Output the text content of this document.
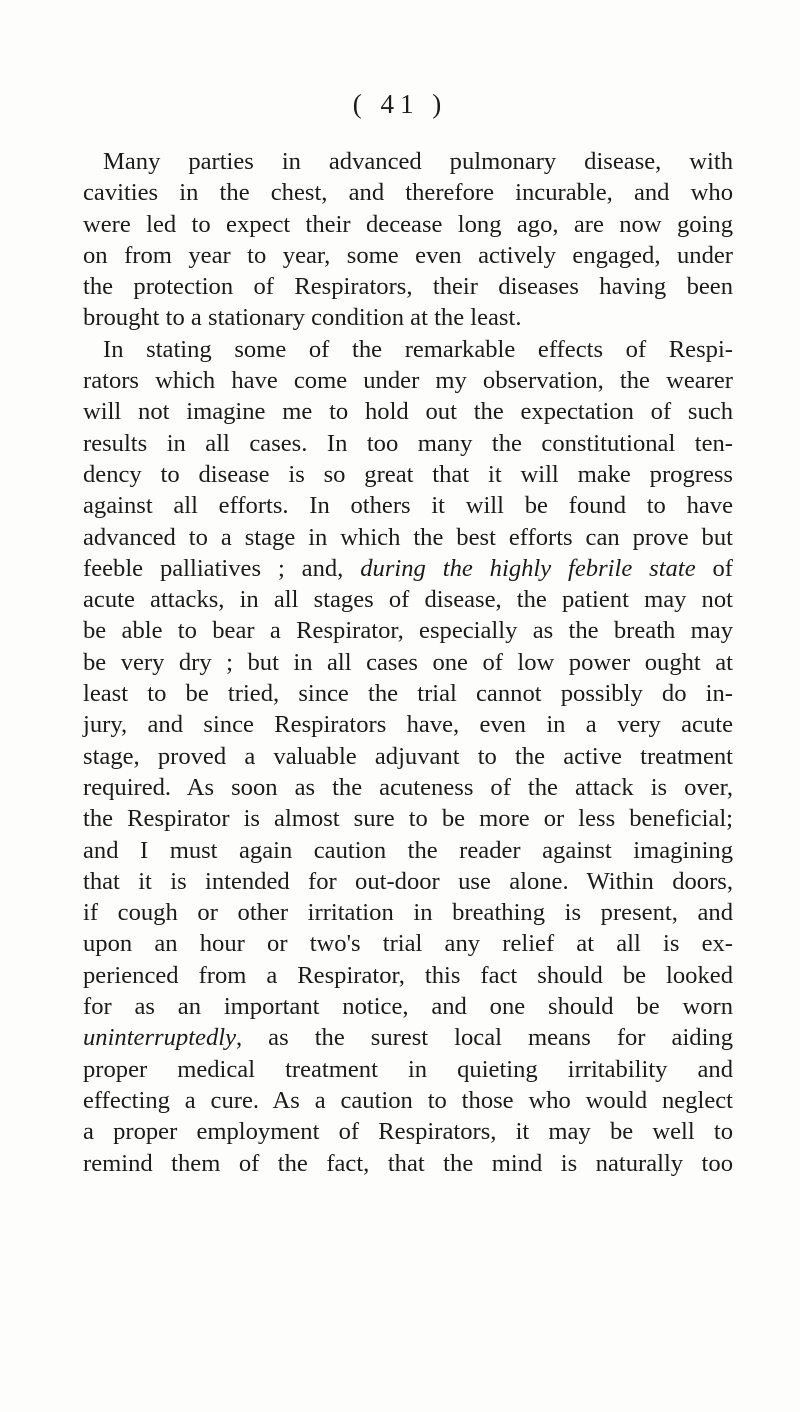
( 41 )

Many parties in advanced pulmonary disease, with
cavities in the chest, and therefore incurable, and who
were led to expect their decease long ago, are now going
on from year to year, some even actively engaged, under
the protection of Respirators, their diseases having been
brought to a stationary condition at the least.

In stating some of the remarkable effects of Respi-
rators which have come under my observation, the wearer
will not imagine me to hold out the expectation of such
results in all cases. In too many the constitutional ten-
dency to disease is so great that it will make progress
against all efforts. In others it will be found to have
advanced to a stage in which the best efforts can prove but
feeble palliatives ; and, during the highly febrile state of
acute attacks, in all stages of disease, the patient may not
be able to bear a Respirator, especially as the breath may
be very dry ; but in all cases one of low power ought at
least to be tried, since the trial cannot possibly do in-
jury, and since Respirators have, even in a very acute
stage, proved a valuable adjuvant to the active treatment
required. As soon as the acuteness of the attack is over,
the Respirator is almost sure to be more or less beneficial;
and I must again caution the reader against imagining
that it is intended for out-door use alone. Within doors,
if cough or other irritation in breathing is present, and
upon an hour or two's trial any relief at all is ex-
perienced from a Respirator, this fact should be looked
for as an important notice, and one should be worn
uninterruptedly, as the surest local means for aiding
proper medical treatment in quieting irritability and
effecting a cure. As a caution to those who would neglect
a proper employment of Respirators, it may be well to
remind them of the fact, that the mind is naturally too
